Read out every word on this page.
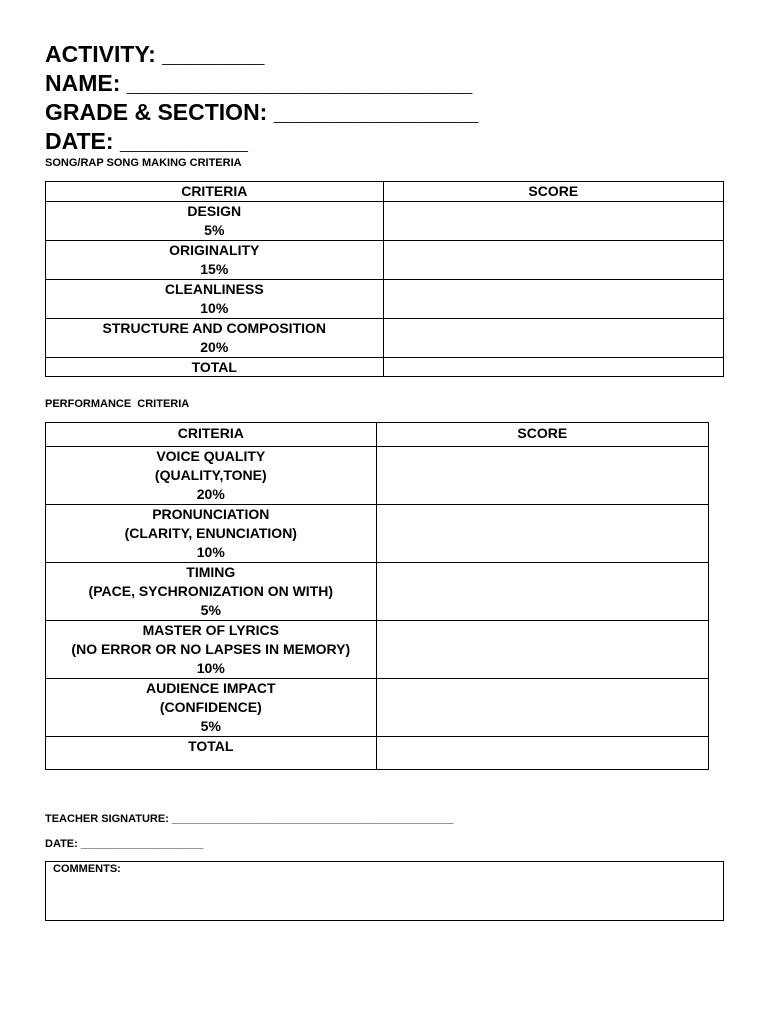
ACTIVITY: ________
NAME: ___________________________
GRADE & SECTION: ________________
DATE: __________
SONG/RAP SONG MAKING CRITERIA
CRITERIA	SCORE

DESIGN
5%	

ORIGINALITY
15%	

CLEANLINESS
10%	

STRUCTURE AND COMPOSITION
20%	

TOTAL	
PERFORMANCE  CRITERIA
CRITERIA	SCORE

VOICE QUALITY
(QUALITY,TONE)
20%	

PRONUNCIATION
(CLARITY, ENUNCIATION)
10%	

TIMING
(PACE, SYCHRONIZATION ON WITH)
5%	

MASTER OF LYRICS
(NO ERROR OR NO LAPSES IN MEMORY)
10%	

AUDIENCE IMPACT
(CONFIDENCE)
5%	

TOTAL	
TEACHER SIGNATURE: ______________________________________________
DATE: ____________________
COMMENTS:
